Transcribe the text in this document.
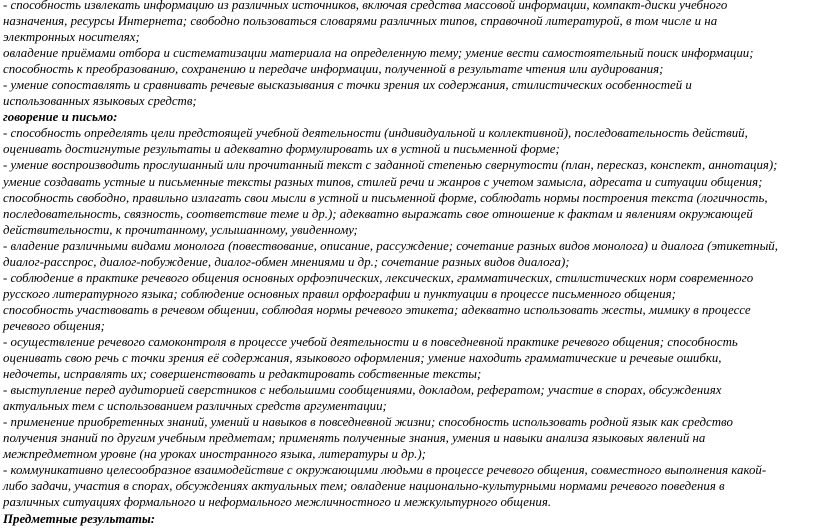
- способность извлекать информацию из различных источников, включая средства массовой информации, компакт-диски учебного
назначения, ресурсы Интернета; свободно пользоваться словарями различных типов, справочной литературой, в том числе и на
электронных носителях;
овладение приёмами отбора и систематизации материала на определенную тему; умение вести самостоятельный поиск информации;
способность к преобразованию, сохранению и передаче информации, полученной в результате чтения или аудирования;
- умение сопоставлять и сравнивать речевые высказывания с точки зрения их содержания, стилистических особенностей и
использованных языковых средств;
говорение и письмо:
- способность определять цели предстоящей учебной деятельности (индивидуальной и коллективной), последовательность действий,
оценивать достигнутые результаты и адекватно формулировать их в устной и письменной форме;
- умение воспроизводить прослушанный или прочитанный текст с заданной степенью свернутости (план, пересказ, конспект, аннотация);
умение создавать устные и письменные тексты разных типов, стилей речи и жанров с учетом замысла, адресата и ситуации общения;
способность свободно, правильно излагать свои мысли в устной и письменной форме, соблюдать нормы построения текста (логичность,
последовательность, связность, соответствие теме и др.); адекватно выражать свое отношение к фактам и явлениям окружающей
действительности, к прочитанному, услышанному, увиденному;
- владение различными видами монолога (повествование, описание, рассуждение; сочетание разных видов монолога) и диалога (этикетный,
диалог-расспрос, диалог-побуждение, диалог-обмен мнениями и др.; сочетание разных видов диалога);
- соблюдение в практике речевого общения основных орфоэпических, лексических, грамматических, стилистических норм современного
русского литературного языка; соблюдение основных правил орфографии и пунктуации в процессе письменного общения;
способность участвовать в речевом общении, соблюдая нормы речевого этикета; адекватно использовать жесты, мимику в процессе
речевого общения;
- осуществление речевого самоконтроля в процессе учебой деятельности и в повседневной практике речевого общения; способность
оценивать свою речь с точки зрения её содержания, языкового оформления; умение находить грамматические и речевые ошибки,
недочеты, исправлять их; совершенствовать и редактировать собственные тексты;
- выступление перед аудиторией сверстников с небольшими сообщениями, докладом, рефератом; участие в спорах, обсуждениях
актуальных тем с использованием различных средств аргументации;
- применение приобретенных знаний, умений и навыков в повседневной жизни; способность использовать родной язык как средство
получения знаний по другим учебным предметам; применять полученные знания, умения и навыки анализа языковых явлений на
межпредметном уровне (на уроках иностранного языка, литературы и др.);
- коммуникативно целесообразное взаимодействие с окружающими людьми в процессе речевого общения, совместного выполнения какой-
либо задачи, участия в спорах, обсуждениях актуальных тем; овладение национально-культурными нормами речевого поведения в
различных ситуациях формального и неформального межличностного и межкультурного общения.
Предметные результаты:
